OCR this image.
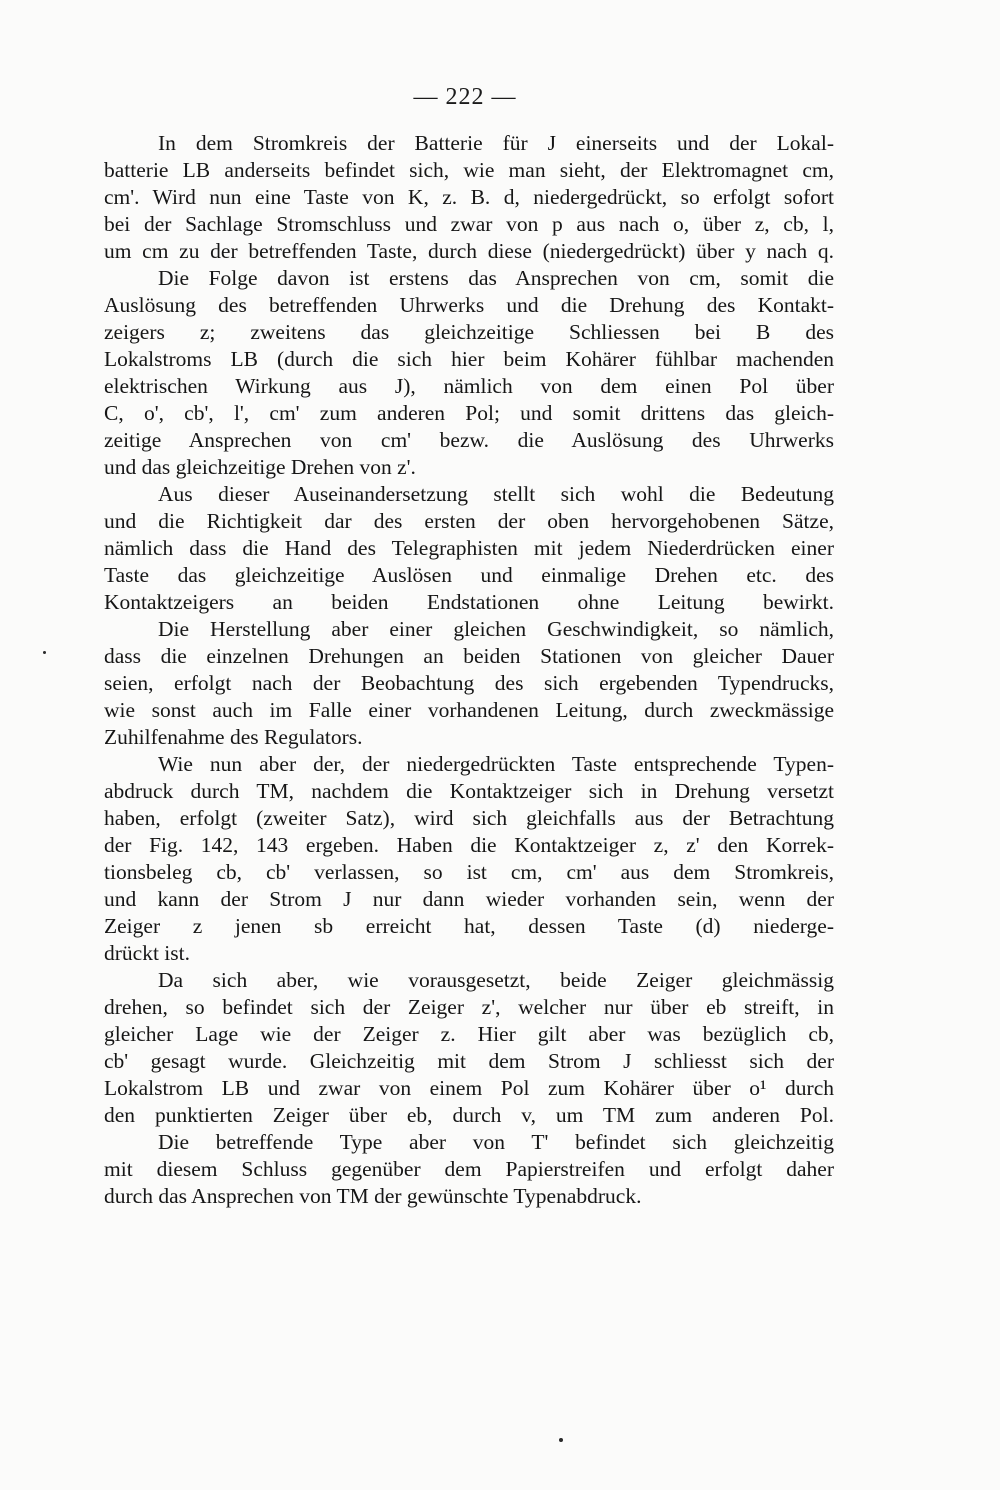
— 222 —
In dem Stromkreis der Batterie für J einerseits und der Lokal-
batterie LB anderseits befindet sich, wie man sieht, der Elektromagnet cm,
cm'. Wird nun eine Taste von K, z. B. d, niedergedrückt, so erfolgt sofort
bei der Sachlage Stromschluss und zwar von p aus nach o, über z, cb, l,
um cm zu der betreffenden Taste, durch diese (niedergedrückt) über y nach q.
Die Folge davon ist erstens das Ansprechen von cm, somit die
Auslösung des betreffenden Uhrwerks und die Drehung des Kontakt-
zeigers z; zweitens das gleichzeitige Schliessen bei B des
Lokalstroms LB (durch die sich hier beim Kohärer fühlbar machenden
elektrischen Wirkung aus J), nämlich von dem einen Pol über
C, o', cb', l', cm' zum anderen Pol; und somit drittens das gleich-
zeitige Ansprechen von cm' bezw. die Auslösung des Uhrwerks
und das gleichzeitige Drehen von z'.
Aus dieser Auseinandersetzung stellt sich wohl die Bedeutung
und die Richtigkeit dar des ersten der oben hervorgehobenen Sätze,
nämlich dass die Hand des Telegraphisten mit jedem Niederdrücken einer
Taste das gleichzeitige Auslösen und einmalige Drehen etc. des
Kontaktzeigers an beiden Endstationen ohne Leitung bewirkt.
Die Herstellung aber einer gleichen Geschwindigkeit, so nämlich,
dass die einzelnen Drehungen an beiden Stationen von gleicher Dauer
seien, erfolgt nach der Beobachtung des sich ergebenden Typendrucks,
wie sonst auch im Falle einer vorhandenen Leitung, durch zweckmässige
Zuhilfenahme des Regulators.
Wie nun aber der, der niedergedrückten Taste entsprechende Typen-
abdruck durch TM, nachdem die Kontaktzeiger sich in Drehung versetzt
haben, erfolgt (zweiter Satz), wird sich gleichfalls aus der Betrachtung
der Fig. 142, 143 ergeben. Haben die Kontaktzeiger z, z' den Korrek-
tionsbeleg cb, cb' verlassen, so ist cm, cm' aus dem Stromkreis,
und kann der Strom J nur dann wieder vorhanden sein, wenn der
Zeiger z jenen sb erreicht hat, dessen Taste (d) niederge-
drückt ist.
Da sich aber, wie vorausgesetzt, beide Zeiger gleichmässig
drehen, so befindet sich der Zeiger z', welcher nur über eb streift, in
gleicher Lage wie der Zeiger z. Hier gilt aber was bezüglich cb,
cb' gesagt wurde. Gleichzeitig mit dem Strom J schliesst sich der
Lokalstrom LB und zwar von einem Pol zum Kohärer über o¹ durch
den punktierten Zeiger über eb, durch v, um TM zum anderen Pol.
Die betreffende Type aber von T' befindet sich gleichzeitig
mit diesem Schluss gegenüber dem Papierstreifen und erfolgt daher
durch das Ansprechen von TM der gewünschte Typenabdruck.
